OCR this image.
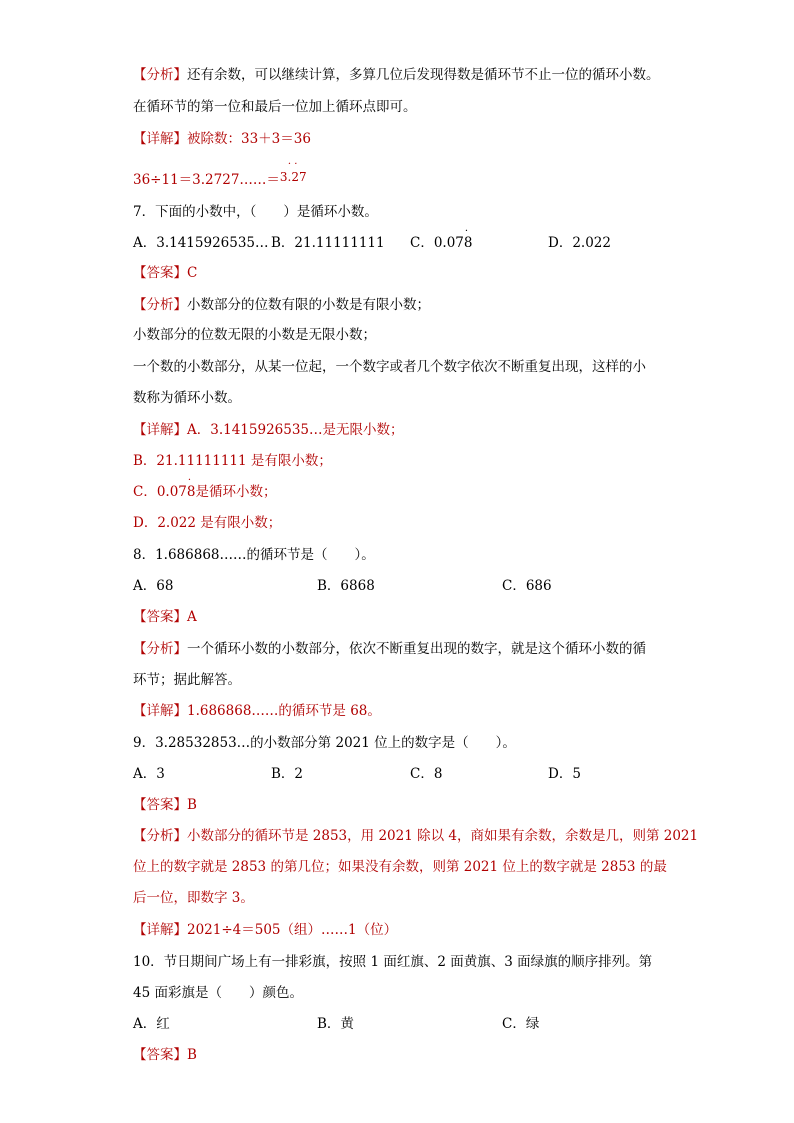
【分析】还有余数，可以继续计算，多算几位后发现得数是循环节不止一位的循环小数。
在循环节的第一位和最后一位加上循环点即可。
【详解】被除数：33＋3＝36
36÷11＝3.2727……＝
· ·
3.27
7．下面的小数中，（　　）是循环小数。
A．3.1415926535… B．21.11111111 C．0.07
·
8	D．2.022
【答案】C
【分析】小数部分的位数有限的小数是有限小数；
小数部分的位数无限的小数是无限小数；
一个数的小数部分，从某一位起，一个数字或者几个数字依次不断重复出现，这样的小
数称为循环小数。
【详解】A．3.1415926535…是无限小数；
B．21.11111111 是有限小数；
C．0.07
·
8是循环小数；
D．2.022 是有限小数；
8．1.686868……的循环节是（　　）。
A．68	B．6868	C．686
【答案】A
【分析】一个循环小数的小数部分，依次不断重复出现的数字，就是这个循环小数的循
环节；据此解答。
【详解】1.686868……的循环节是 68。
9．3.28532853…的小数部分第 2021 位上的数字是（　　）。
A．3	B．2	C．8	D．5
【答案】B
【分析】小数部分的循环节是 2853，用 2021 除以 4，商如果有余数，余数是几，则第 2021
位上的数字就是 2853 的第几位；如果没有余数，则第 2021 位上的数字就是 2853 的最
后一位，即数字 3。
【详解】2021÷4＝505（组）……1（位）
10．节日期间广场上有一排彩旗，按照 1 面红旗、2 面黄旗、3 面绿旗的顺序排列。第
45 面彩旗是（　　）颜色。
A．红	B．黄	C．绿
【答案】B
